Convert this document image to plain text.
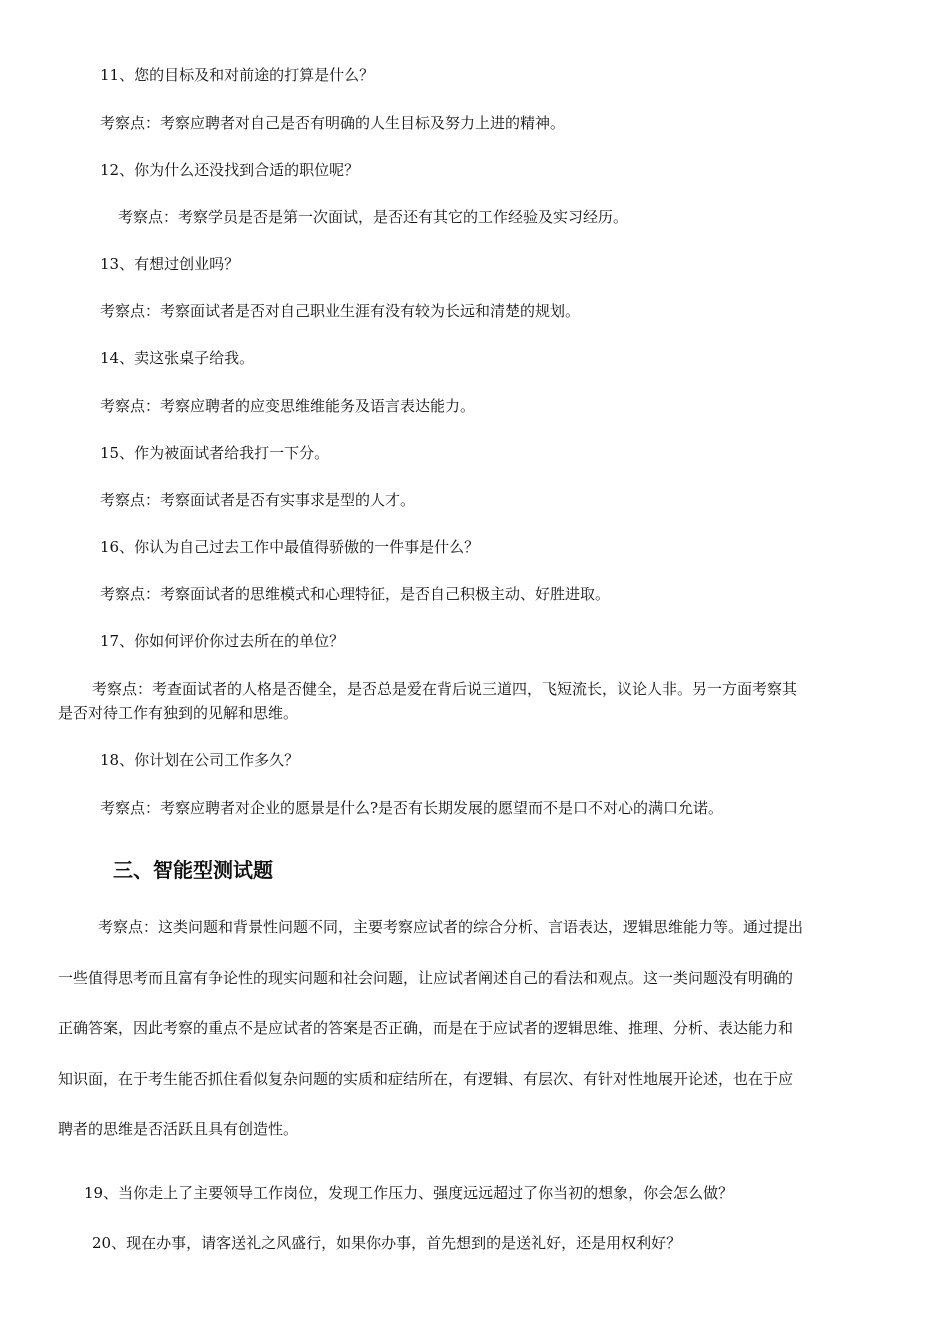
11、您的目标及和对前途的打算是什么？
考察点：考察应聘者对自己是否有明确的人生目标及努力上进的精神。
12、你为什么还没找到合适的职位呢？
考察点：考察学员是否是第一次面试，是否还有其它的工作经验及实习经历。
13、有想过创业吗？
考察点：考察面试者是否对自己职业生涯有没有较为长远和清楚的规划。
14、卖这张桌子给我。
考察点：考察应聘者的应变思维维能务及语言表达能力。
15、作为被面试者给我打一下分。
考察点：考察面试者是否有实事求是型的人才。
16、你认为自己过去工作中最值得骄傲的一件事是什么？
考察点：考察面试者的思维模式和心理特征，是否自己积极主动、好胜进取。
17、你如何评价你过去所在的单位？
考察点：考查面试者的人格是否健全，是否总是爱在背后说三道四，飞短流长，议论人非。另一方面考察其
是否对待工作有独到的见解和思维。
18、你计划在公司工作多久？
考察点：考察应聘者对企业的愿景是什么?是否有长期发展的愿望而不是口不对心的满口允诺。
三、智能型测试题
考察点：这类问题和背景性问题不同，主要考察应试者的综合分析、言语表达，逻辑思维能力等。通过提出
一些值得思考而且富有争论性的现实问题和社会问题，让应试者阐述自己的看法和观点。这一类问题没有明确的
正确答案，因此考察的重点不是应试者的答案是否正确，而是在于应试者的逻辑思维、推理、分析、表达能力和
知识面，在于考生能否抓住看似复杂问题的实质和症结所在，有逻辑、有层次、有针对性地展开论述，也在于应
聘者的思维是否活跃且具有创造性。
19、当你走上了主要领导工作岗位，发现工作压力、强度远远超过了你当初的想象，你会怎么做？
20、现在办事，请客送礼之风盛行，如果你办事，首先想到的是送礼好，还是用权利好？
